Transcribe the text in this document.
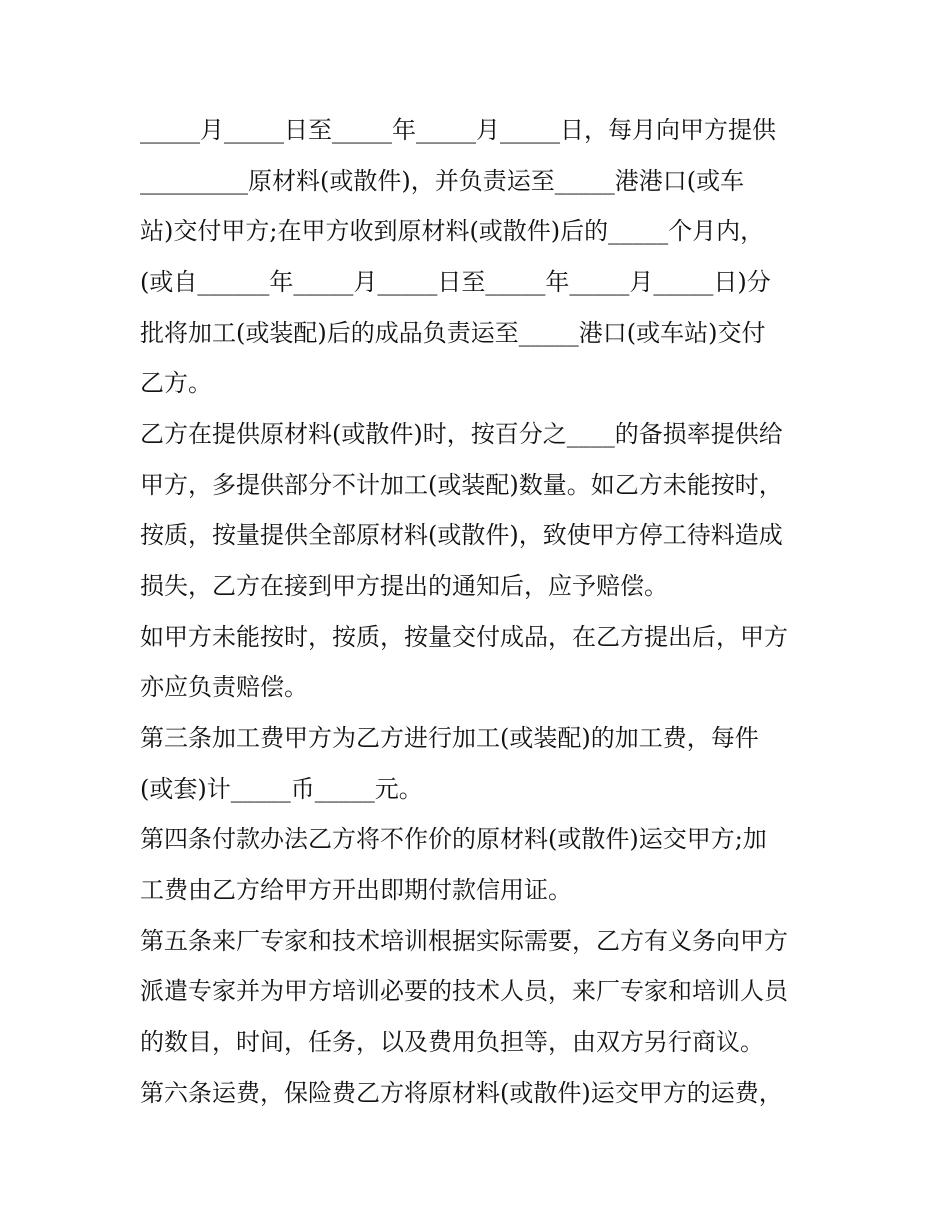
_____月_____日至_____年_____月_____日，每月向甲方提供
_________原材料(或散件)，并负责运至_____港港口(或车
站)交付甲方;在甲方收到原材料(或散件)后的_____个月内，
(或自______年_____月_____日至_____年_____月_____日)分
批将加工(或装配)后的成品负责运至_____港口(或车站)交付
乙方。
乙方在提供原材料(或散件)时，按百分之____的备损率提供给
甲方，多提供部分不计加工(或装配)数量。如乙方未能按时，
按质，按量提供全部原材料(或散件)，致使甲方停工待料造成
损失，乙方在接到甲方提出的通知后，应予赔偿。
如甲方未能按时，按质，按量交付成品，在乙方提出后，甲方
亦应负责赔偿。
第三条加工费甲方为乙方进行加工(或装配)的加工费，每件
(或套)计_____币_____元。
第四条付款办法乙方将不作价的原材料(或散件)运交甲方;加
工费由乙方给甲方开出即期付款信用证。
第五条来厂专家和技术培训根据实际需要，乙方有义务向甲方
派遣专家并为甲方培训必要的技术人员，来厂专家和培训人员
的数目，时间，任务，以及费用负担等，由双方另行商议。
第六条运费，保险费乙方将原材料(或散件)运交甲方的运费，
